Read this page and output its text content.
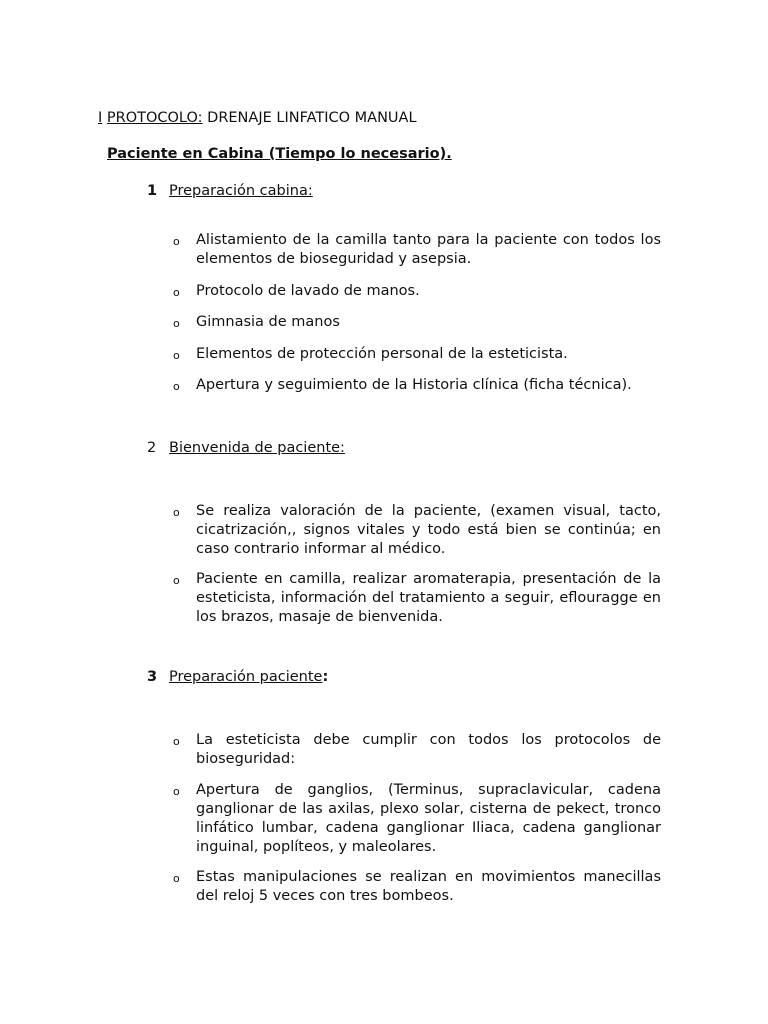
I PROTOCOLO: DRENAJE LINFATICO MANUAL
Paciente en Cabina (Tiempo lo necesario).
1 Preparación cabina:
o Alistamiento de la camilla tanto para la paciente con todos los elementos de bioseguridad y asepsia.
o Protocolo de lavado de manos.
o Gimnasia de manos
o Elementos de protección personal de la esteticista.
o Apertura y seguimiento de la Historia clínica (ficha técnica).
2 Bienvenida de paciente:
o Se realiza valoración de la paciente, (examen visual, tacto, cicatrización,, signos vitales y todo está bien se continúa; en caso contrario informar al médico.
o Paciente en camilla, realizar aromaterapia, presentación de la esteticista, información del tratamiento a seguir, eflouragge en los brazos, masaje de bienvenida.
3 Preparación paciente:
o La esteticista debe cumplir con todos los protocolos de bioseguridad:
o Apertura de ganglios, (Terminus, supraclavicular, cadena ganglionar de las axilas, plexo solar, cisterna de pekect, tronco linfático lumbar, cadena ganglionar Iliaca, cadena ganglionar inguinal, poplíteos, y maleolares.
o Estas manipulaciones se realizan en movimientos manecillas del reloj 5 veces con tres bombeos.
